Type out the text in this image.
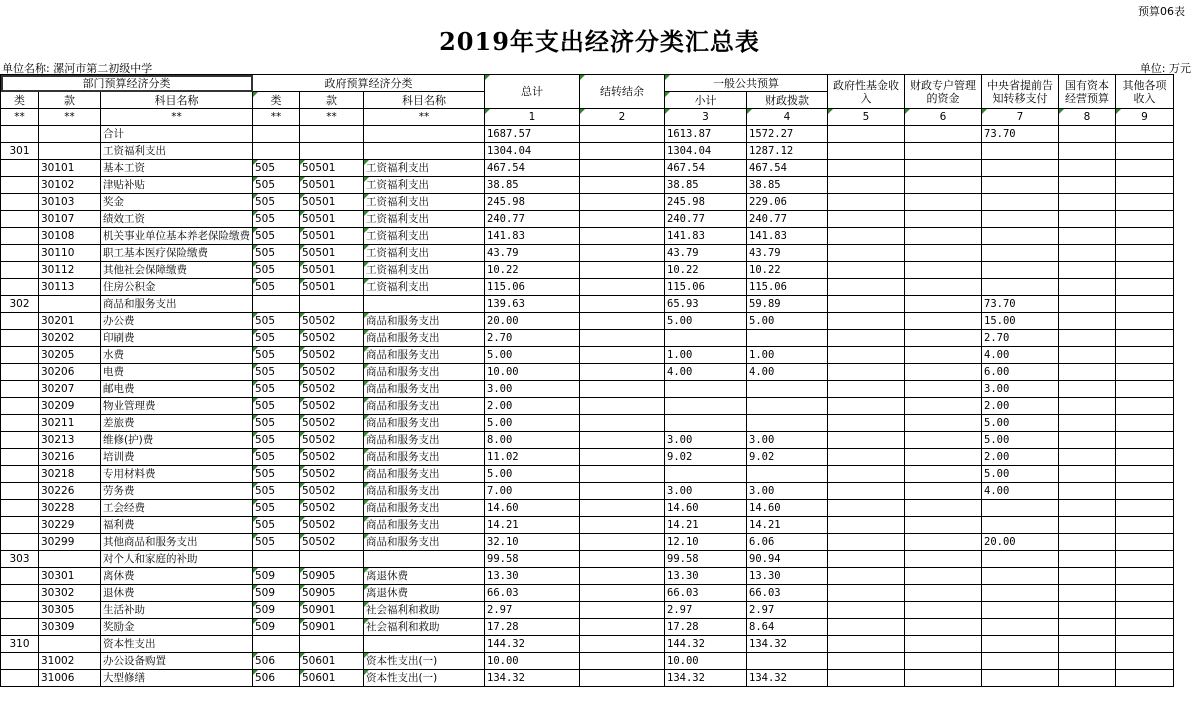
预算06表
2019年支出经济分类汇总表
单位名称: 漯河市第二初级中学	单位: 万元
部门预算经济分类			政府预算经济分类			总计	结转结余	一般公共预算		政府性基金收入	财政专户管理的资金	中央省提前告知转移支付	国有资本经营预算	其他各项收入
类	款	科目名称	类	款	科目名称			小计	财政拨款					
**	**	**	**	**	**	1	2	3	4	5	6	7	8	9
		合计				1687.57		1613.87	1572.27			73.70		
301		工资福利支出				1304.04		1304.04	1287.12					
	30101	基本工资	505	50501	工资福利支出	467.54		467.54	467.54					
	30102	津贴补贴	505	50501	工资福利支出	38.85		38.85	38.85					
	30103	奖金	505	50501	工资福利支出	245.98		245.98	229.06					
	30107	绩效工资	505	50501	工资福利支出	240.77		240.77	240.77					
	30108	机关事业单位基本养老保险缴费	505	50501	工资福利支出	141.83		141.83	141.83					
	30110	职工基本医疗保险缴费	505	50501	工资福利支出	43.79		43.79	43.79					
	30112	其他社会保障缴费	505	50501	工资福利支出	10.22		10.22	10.22					
	30113	住房公积金	505	50501	工资福利支出	115.06		115.06	115.06					
302		商品和服务支出				139.63		65.93	59.89			73.70		
	30201	办公费	505	50502	商品和服务支出	20.00		5.00	5.00			15.00		
	30202	印刷费	505	50502	商品和服务支出	2.70						2.70		
	30205	水费	505	50502	商品和服务支出	5.00		1.00	1.00			4.00		
	30206	电费	505	50502	商品和服务支出	10.00		4.00	4.00			6.00		
	30207	邮电费	505	50502	商品和服务支出	3.00						3.00		
	30209	物业管理费	505	50502	商品和服务支出	2.00						2.00		
	30211	差旅费	505	50502	商品和服务支出	5.00						5.00		
	30213	维修(护)费	505	50502	商品和服务支出	8.00		3.00	3.00			5.00		
	30216	培训费	505	50502	商品和服务支出	11.02		9.02	9.02			2.00		
	30218	专用材料费	505	50502	商品和服务支出	5.00						5.00		
	30226	劳务费	505	50502	商品和服务支出	7.00		3.00	3.00			4.00		
	30228	工会经费	505	50502	商品和服务支出	14.60		14.60	14.60					
	30229	福利费	505	50502	商品和服务支出	14.21		14.21	14.21					
	30299	其他商品和服务支出	505	50502	商品和服务支出	32.10		12.10	6.06			20.00		
303		对个人和家庭的补助				99.58		99.58	90.94					
	30301	离休费	509	50905	离退休费	13.30		13.30	13.30					
	30302	退休费	509	50905	离退休费	66.03		66.03	66.03					
	30305	生活补助	509	50901	社会福利和救助	2.97		2.97	2.97					
	30309	奖励金	509	50901	社会福利和救助	17.28		17.28	8.64					
310		资本性支出				144.32		144.32	134.32					
	31002	办公设备购置	506	50601	资本性支出(一)	10.00		10.00						
	31006	大型修缮	506	50601	资本性支出(一)	134.32		134.32	134.32					
